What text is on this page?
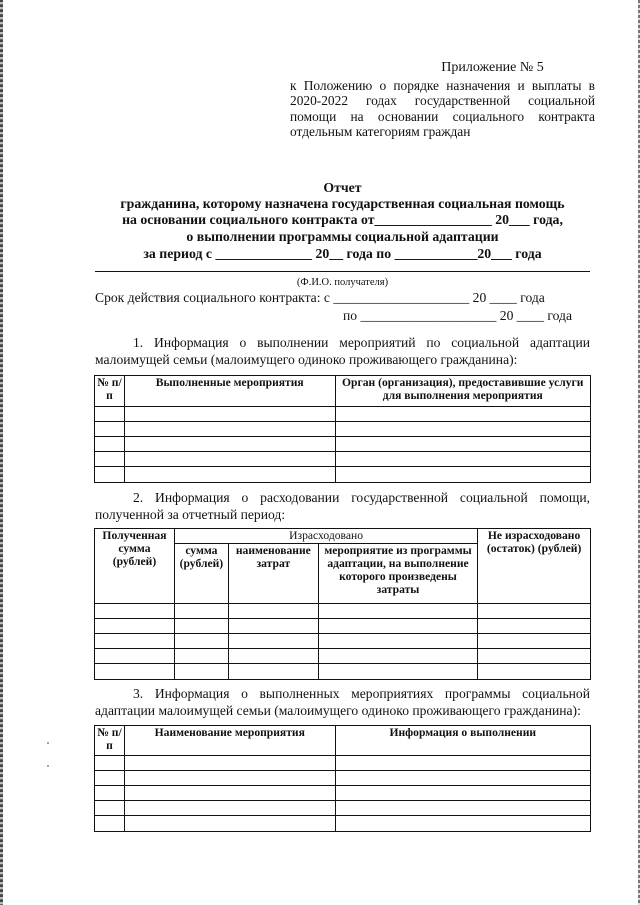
Приложение № 5
к Положению о порядке назначения и выплаты в 2020-2022 годах государственной социальной помощи на основании социального контракта отдельным категориям граждан
Отчет
гражданина, которому назначена государственная социальная помощь
на основании социального контракта от_________________ 20___ года,
о выполнении программы социальной адаптации
за период с ______________ 20__ года по ____________20___ года
(Ф.И.О. получателя)
Срок действия социального контракта: с ____________________ 20 ____ года
по ____________________ 20 ____ года
1. Информация о выполнении мероприятий по социальной адаптации малоимущей семьи (малоимущего одиноко проживающего гражданина):
№ п/п	Выполненные мероприятия	Орган (организация), предоставившие услуги для выполнения мероприятия

2. Информация о расходовании государственной социальной помощи, полученной за отчетный период:
Полученная сумма (рублей)	Израсходовано			Не израсходовано (остаток) (рублей)
	сумма (рублей)	наименование затрат	мероприятие из программы адаптации, на выполнение которого произведены затраты	

3. Информация о выполненных мероприятиях программы социальной адаптации малоимущей семьи (малоимущего одиноко проживающего гражданина):
№ п/п	Наименование мероприятия	Информация о выполнении
